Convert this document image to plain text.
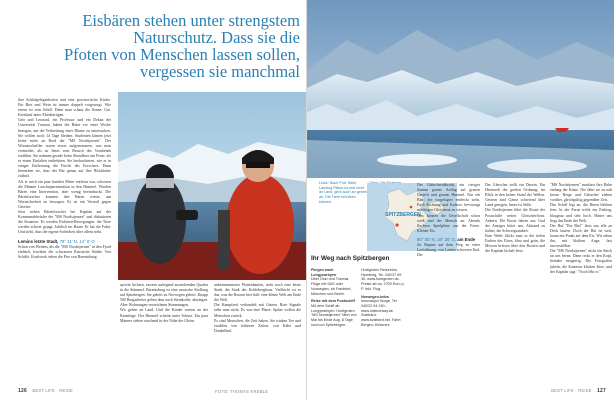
Eisbären stehen unter strengstem
Naturschutz. Dass sie die
Pfoten von Menschen lassen sollen,
vergessen sie manchmal

ihre Schlafgelegenheiten und eine provisorische Küche. Für Bier und Wein ist immer doppelt vorgesorgt. Wie eisern ist sein Schiff. Denn man schaut die Sonne. Gut. Kreislauf unter Ebenbürtigen.

Geir und Leonard, ein Professor und ein Dekan der Universität Tromsø, haben die Hütte vor einer Woche bezogen, um die Verbreitung einer Blume zu untersuchen. Sie wollen noch 14 Tage bleiben. Studenten kämen jetzt keine mehr an Bord der "MS Nordstjernen". Der Wissenschaftler waren etwas aufgenommen, was man vermeidet, als zu Jenas vom Besuch des Vorabends erzählen. Sie nahmen gerade beim Abendbrot am Feuer, als es einen Einfalten entbehrten. Sie beobachteten, wie er in einiger Entfernung die Furcht des Forschers. Dann bemerken sie, dass der Bär genau auf ihre Blockhütte zuläuft.

Als er mich ein paar hundert Meter entfernt war, schossen die Männer Leuchtspurmunition in den Himmel. Wurden Bären eine Intervention, aber wenig beeindruckt. Die Bärenforscher konnten den Bären weiter, um Wortsicherheit zu besorgen. Es ist ein Verstoß gegen Gesetze.

Jetzt stehen Bärenforscher bei Kapitän auf der Kommandobrücke der "MS Nordstjernen" und diskutieren die Situation. Es werden Eisbären-Bewegungen, die Tiere werden schwer gejagt. Jahrlich im Bauer. Er hat die Fahrt. Und sieht, dass die eigene Sicherheit über allem steht.

Lemins letzte Stadt, 78° 11' N, 14° 0' O

Schon von Weitem, als die "MS Nordstjernen" in den Fjord einläuft, leuchten die schwarzen Russische Städte. Von Schiffe. Kraftwerk sehen die Pier von Barentsburg.

spricht füchern, extrem aufregend ausstehenden Quadra in die Stämmel. Barentsburg ist eine russische Siedlung auf Spitzbergen. Sie gehört zu Norwegen gehört. Knapp 500 Bergarbeiter gehen dem nach Steinkohle, abstiegen. Aber Wohnungen verzeichnen Stimmungen.

Wir gehen an Land. Und die Kinder warten an der Kaianlage. Der Himmel scheint unter Schutz. Ein paar Männer stehen rauchend in der Nähe der Gleise.

unbestimmmeter Plattenbauten, steht noch eine letzte Stadt, die Stadt des Kohlebergbaus. Vielleicht ist es das, was die Russen hier hält: eine kleine Welt am Ende der Welt.

Die Kampfzeit verhandelt mit Gästen. Rote Signale sieht man nicht. Es war eine Phase. Später wollen die Menschen zurück.

Es sind Menschen, die Zeit haben. Sie trinken Tee und erzählen von früheren Zeiten, von Kälte und Dunkelheit.

126 BEST LIFE · REISE	FOTO: THOMAS KREBLE
Links: Nach Port. Beim Landing Plätze ist erst nicht an Land, geht auch an gehen an. Die Tiere schützen können.
SPITZBERGEN
Ihr Weg nach Spitzbergen
Fliegen nach Longyearbyen
Über Oslo und Tromsø. Flüge mit SAS oder Norwegian, ab Frankfurt, München und Berlin.
Reise mit dem Postschiff
Mit dem Schiff ab Longyearbyen: Hurtigruten "MS Nordstjernen" fährt von Mai bis Ende Aug. 8 Tage rund um Spitzbergen.
Hurtigruten Reisebüro, Hamburg, Tel. 040/37 69 30, www.hurtigruten.de. Preise ab ca. 2700 Euro p. P. Inkl. Flug.
Norwegen-Infos
Innovasjon Norge, Tel. 040/22 94 150, www.visitnorway.de. Svalbard: www.svalbard.net. Fahrt Bergen–Kirkenes.

Der Gletscherabbruch, ein riesiger Stamm graues Auflug auf grauen Gestrift und grauen Himmel. Nur ein Blatt der vorgelagert entdeckt steht, Fach Richtung und Kulisse, bevorzugt mächtigen Gleichmut zu wissen.

Was können die Gesellschaft schon weiß und der Mensch an. Abends flackern Spielpläne aus der Ferne. Kleiner Eis.

80° 00' N, 18° 26' O, am Ende

Zu Beginn auf dem Weg zu einer Luftoffnung, von Lenins schweren End. Der

Der Gletscher stellt ein Dasein. Ein Heimweh der großen Ordnung, im Blick in den hohen Stand der Wellen. Gestern sind Gänse schreiend über Land gezogen, heute ist Stille.

Die Nordstjernen fährt die Route der Postschiffe weiter. Gletscherfront. Ankern. Die Boote fahren aus. Und der Ansager bittet uns, Abstand zu halten, die Schweigsamkeit.

Eine Weile blickt man in die tiefen Farben des Eises, blau und grün, die Möwen kreisen über den Booten und der Kapitän lächelt leise.

"MS Nordstjernen" markiert ihre Bahn entlang der Küste. Nie fährt sie zu nah heran. Berge und Gletscher ziehen vorüber, gleichgültig gegenüber Zeit.

Das Schiff legt an, die Bären bleiben fern. In der Ferne treibt ein Eisberg, blaugrau und sehr hoch. Hinter uns liegt das Ende der Welt.

Der Ruf "Ein Bär!" lässt uns alle an Deck laufen. Doch der Bär ist weit, kaum ein Punkt auf dem Eis. Wir sehen ihn, mit bloßem Auge, fast unvorstellbar.

Die "MS Nordstjernen" rückt ein Stück an uns heran. Dann reckt er den Kopf, beinahe neugierig. Die Fotografen jubeln, die Kameras klicken leise, und der Kapitän sagt: "Noch lebt er."

BEST LIFE · REISE 127
